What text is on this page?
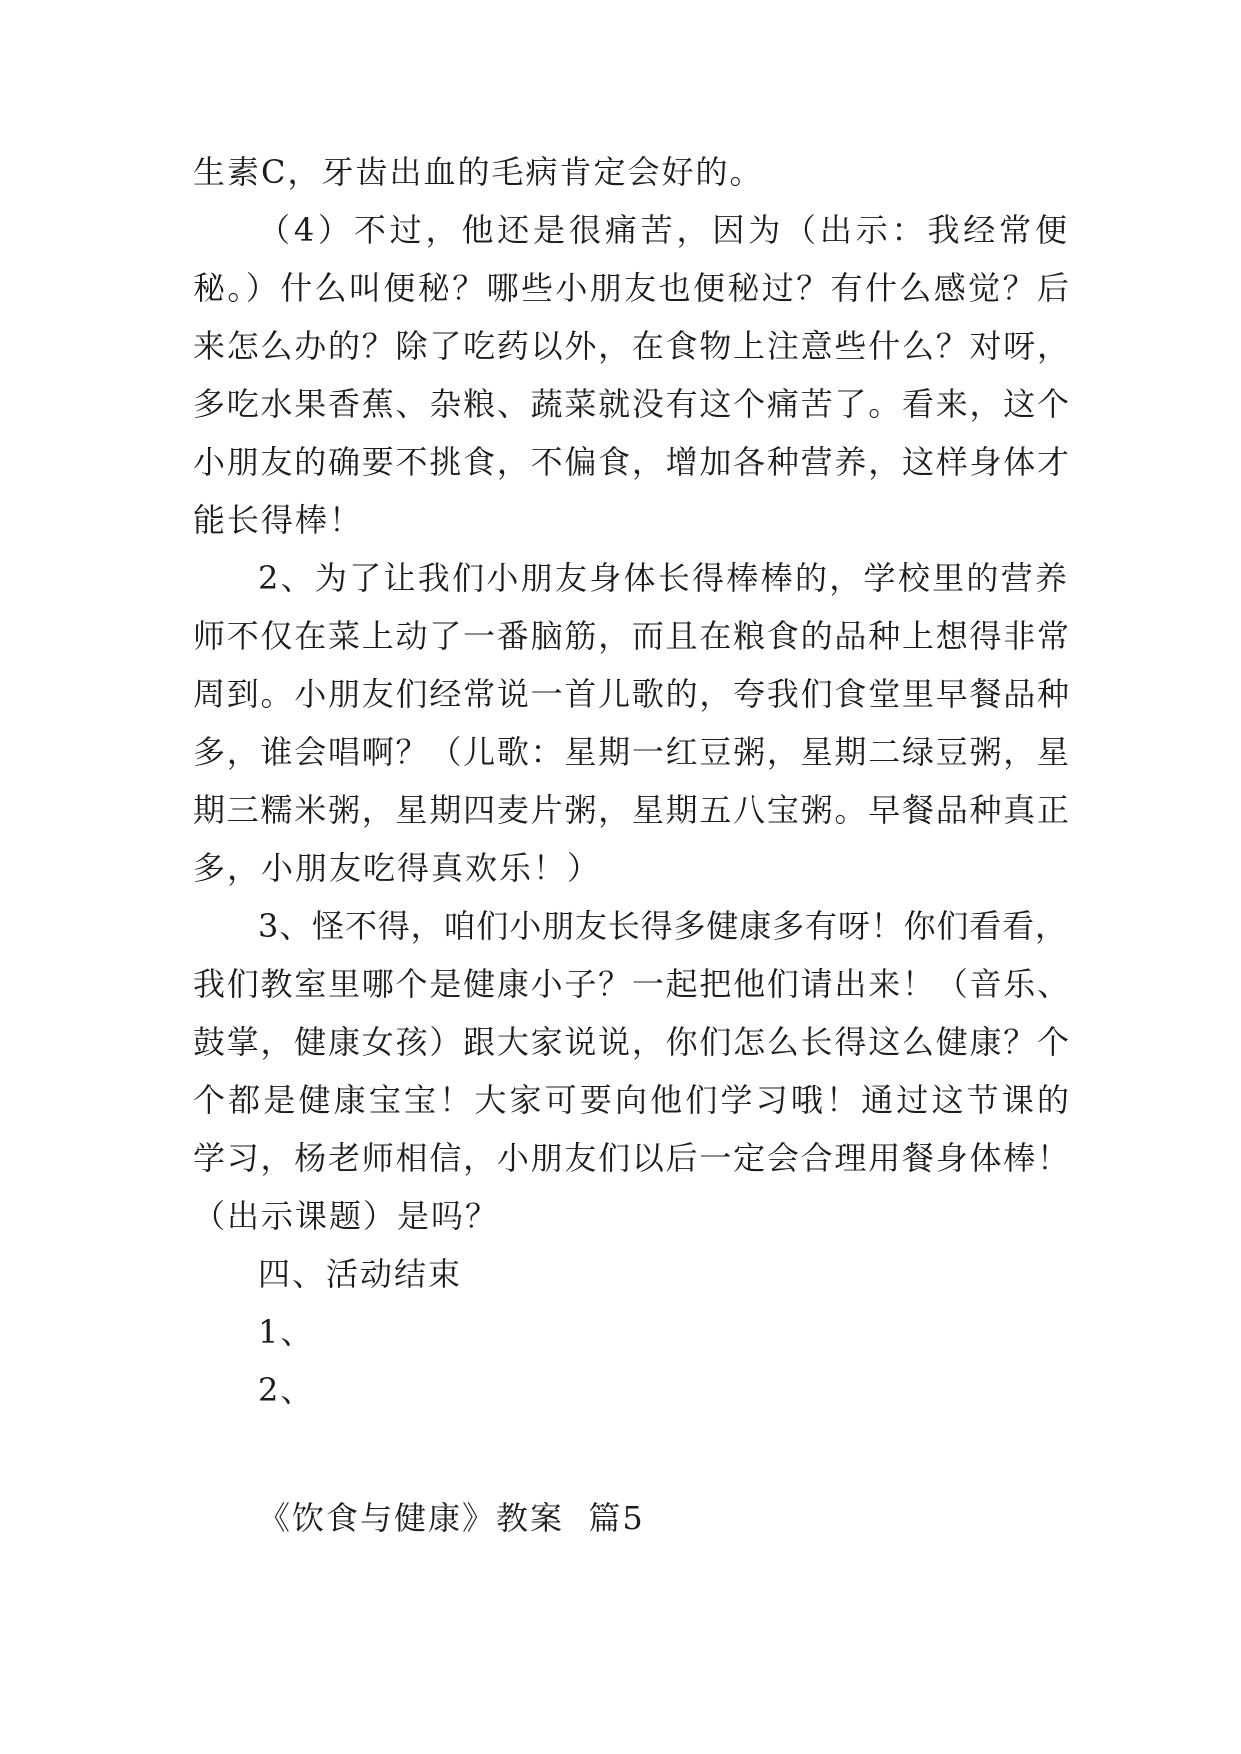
生素C，牙齿出血的毛病肯定会好的。
（4）不过，他还是很痛苦，因为（出示：我经常便
秘。）什么叫便秘？哪些小朋友也便秘过？有什么感觉？后
来怎么办的？除了吃药以外，在食物上注意些什么？对呀，
多吃水果香蕉、杂粮、蔬菜就没有这个痛苦了。看来，这个
小朋友的确要不挑食，不偏食，增加各种营养，这样身体才
能长得棒！
2、为了让我们小朋友身体长得棒棒的，学校里的营养
师不仅在菜上动了一番脑筋，而且在粮食的品种上想得非常
周到。小朋友们经常说一首儿歌的，夸我们食堂里早餐品种
多，谁会唱啊？（儿歌：星期一红豆粥，星期二绿豆粥，星
期三糯米粥，星期四麦片粥，星期五八宝粥。早餐品种真正
多，小朋友吃得真欢乐！）
3、怪不得，咱们小朋友长得多健康多有呀！你们看看，
我们教室里哪个是健康小子？一起把他们请出来！（音乐、
鼓掌，健康女孩）跟大家说说，你们怎么长得这么健康？个
个都是健康宝宝！大家可要向他们学习哦！通过这节课的
学习，杨老师相信，小朋友们以后一定会合理用餐身体棒！
（出示课题）是吗？
四、活动结束
1、
2、
《饮食与健康》教案  篇5
